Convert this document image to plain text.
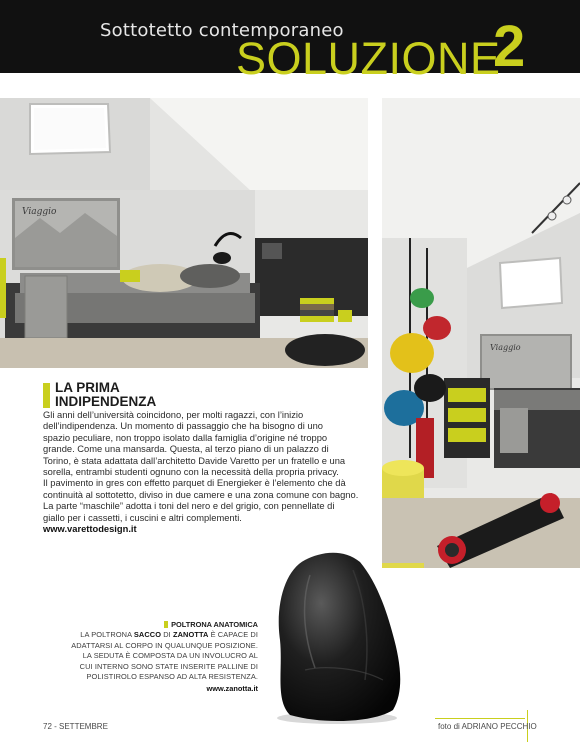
Sottotetto contemporaneo
SOLUZIONE
2
Viaggio
Viaggio
LA PRIMA
INDIPENDENZA
Gli anni dell’università coincidono, per molti ragazzi, con l’inizio
dell’indipendenza. Un momento di passaggio che ha bisogno di uno
spazio peculiare, non troppo isolato dalla famiglia d’origine né troppo
grande. Come una mansarda. Questa, al terzo piano di un palazzo di
Torino, è stata adattata dall’architetto Davide Varetto per un fratello e una
sorella, entrambi studenti ognuno con la necessità della propria privacy.
Il pavimento in gres con effetto parquet di Energieker è l’elemento che dà
continuità al sottotetto, diviso in due camere e una zona comune con bagno.
La parte “maschile” adotta i toni del nero e del grigio, con pennellate di
giallo per i cassetti, i cuscini e altri complementi.
www.varettodesign.it
POLTRONA ANATOMICA
LA POLTRONA SACCO DI ZANOTTA È CAPACE DI
ADATTARSI AL CORPO IN QUALUNQUE POSIZIONE.
LA SEDUTA È COMPOSTA DA UN INVOLUCRO AL
CUI INTERNO SONO STATE INSERITE PALLINE DI
POLISTIROLO ESPANSO AD ALTA RESISTENZA.
www.zanotta.it
72 - SETTEMBRE	foto di ADRIANO PECCHIO
